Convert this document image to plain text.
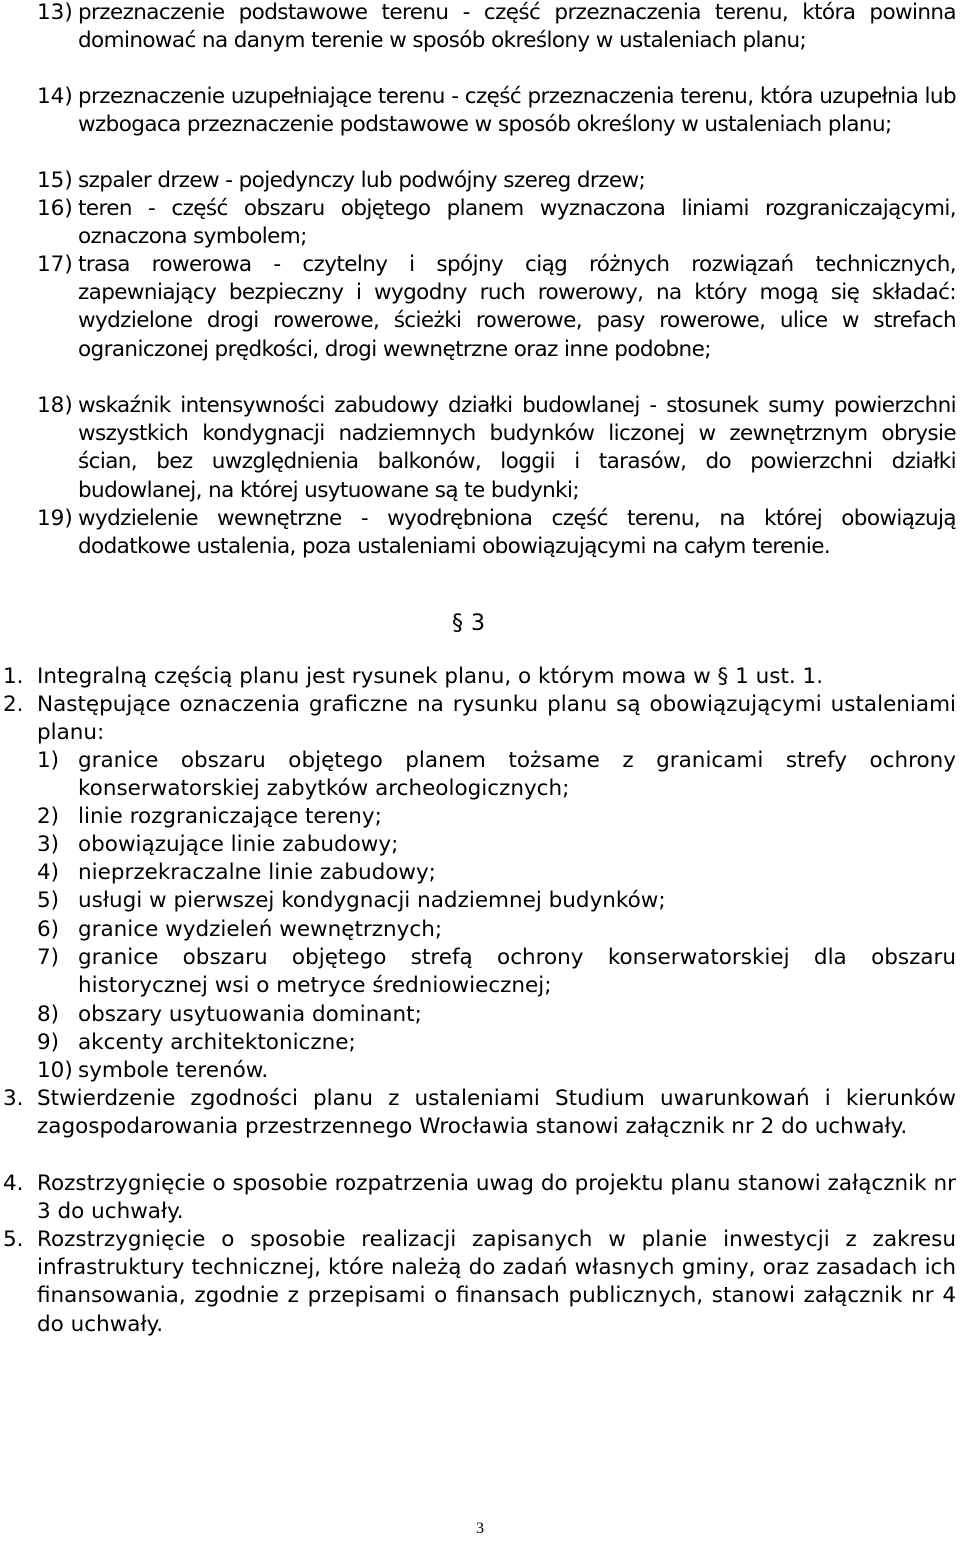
13) przeznaczenie podstawowe terenu - część przeznaczenia terenu, która powinna dominować na danym terenie w sposób określony w ustaleniach planu;
14) przeznaczenie uzupełniające terenu - część przeznaczenia terenu, która uzupełnia lub wzbogaca przeznaczenie podstawowe w sposób określony w ustaleniach planu;
15) szpaler drzew - pojedynczy lub podwójny szereg drzew;
16) teren - część obszaru objętego planem wyznaczona liniami rozgraniczającymi, oznaczona symbolem;
17) trasa rowerowa - czytelny i spójny ciąg różnych rozwiązań technicznych, zapewniający bezpieczny i wygodny ruch rowerowy, na który mogą się składać: wydzielone drogi rowerowe, ścieżki rowerowe, pasy rowerowe, ulice w strefach ograniczonej prędkości, drogi wewnętrzne oraz inne podobne;
18) wskaźnik intensywności zabudowy działki budowlanej - stosunek sumy powierzchni wszystkich kondygnacji nadziemnych budynków liczonej w zewnętrznym obrysie ścian, bez uwzględnienia balkonów, loggii i tarasów, do powierzchni działki budowlanej, na której usytuowane są te budynki;
19) wydzielenie wewnętrzne - wyodrębniona część terenu, na której obowiązują dodatkowe ustalenia, poza ustaleniami obowiązującymi na całym terenie.
§ 3
1. Integralną częścią planu jest rysunek planu, o którym mowa w § 1 ust. 1.
2. Następujące oznaczenia graficzne na rysunku planu są obowiązującymi ustaleniami planu:
1) granice obszaru objętego planem tożsame z granicami strefy ochrony konserwatorskiej zabytków archeologicznych;
2) linie rozgraniczające tereny;
3) obowiązujące linie zabudowy;
4) nieprzekraczalne linie zabudowy;
5) usługi w pierwszej kondygnacji nadziemnej budynków;
6) granice wydzieleń wewnętrznych;
7) granice obszaru objętego strefą ochrony konserwatorskiej dla obszaru historycznej wsi o metryce średniowiecznej;
8) obszary usytuowania dominant;
9) akcenty architektoniczne;
10) symbole terenów.
3. Stwierdzenie zgodności planu z ustaleniami Studium uwarunkowań i kierunków zagospodarowania przestrzennego Wrocławia stanowi załącznik nr 2 do uchwały.
4. Rozstrzygnięcie o sposobie rozpatrzenia uwag do projektu planu stanowi załącznik nr 3 do uchwały.
5. Rozstrzygnięcie o sposobie realizacji zapisanych w planie inwestycji z zakresu infrastruktury technicznej, które należą do zadań własnych gminy, oraz zasadach ich finansowania, zgodnie z przepisami o finansach publicznych, stanowi załącznik nr 4 do uchwały.
3
